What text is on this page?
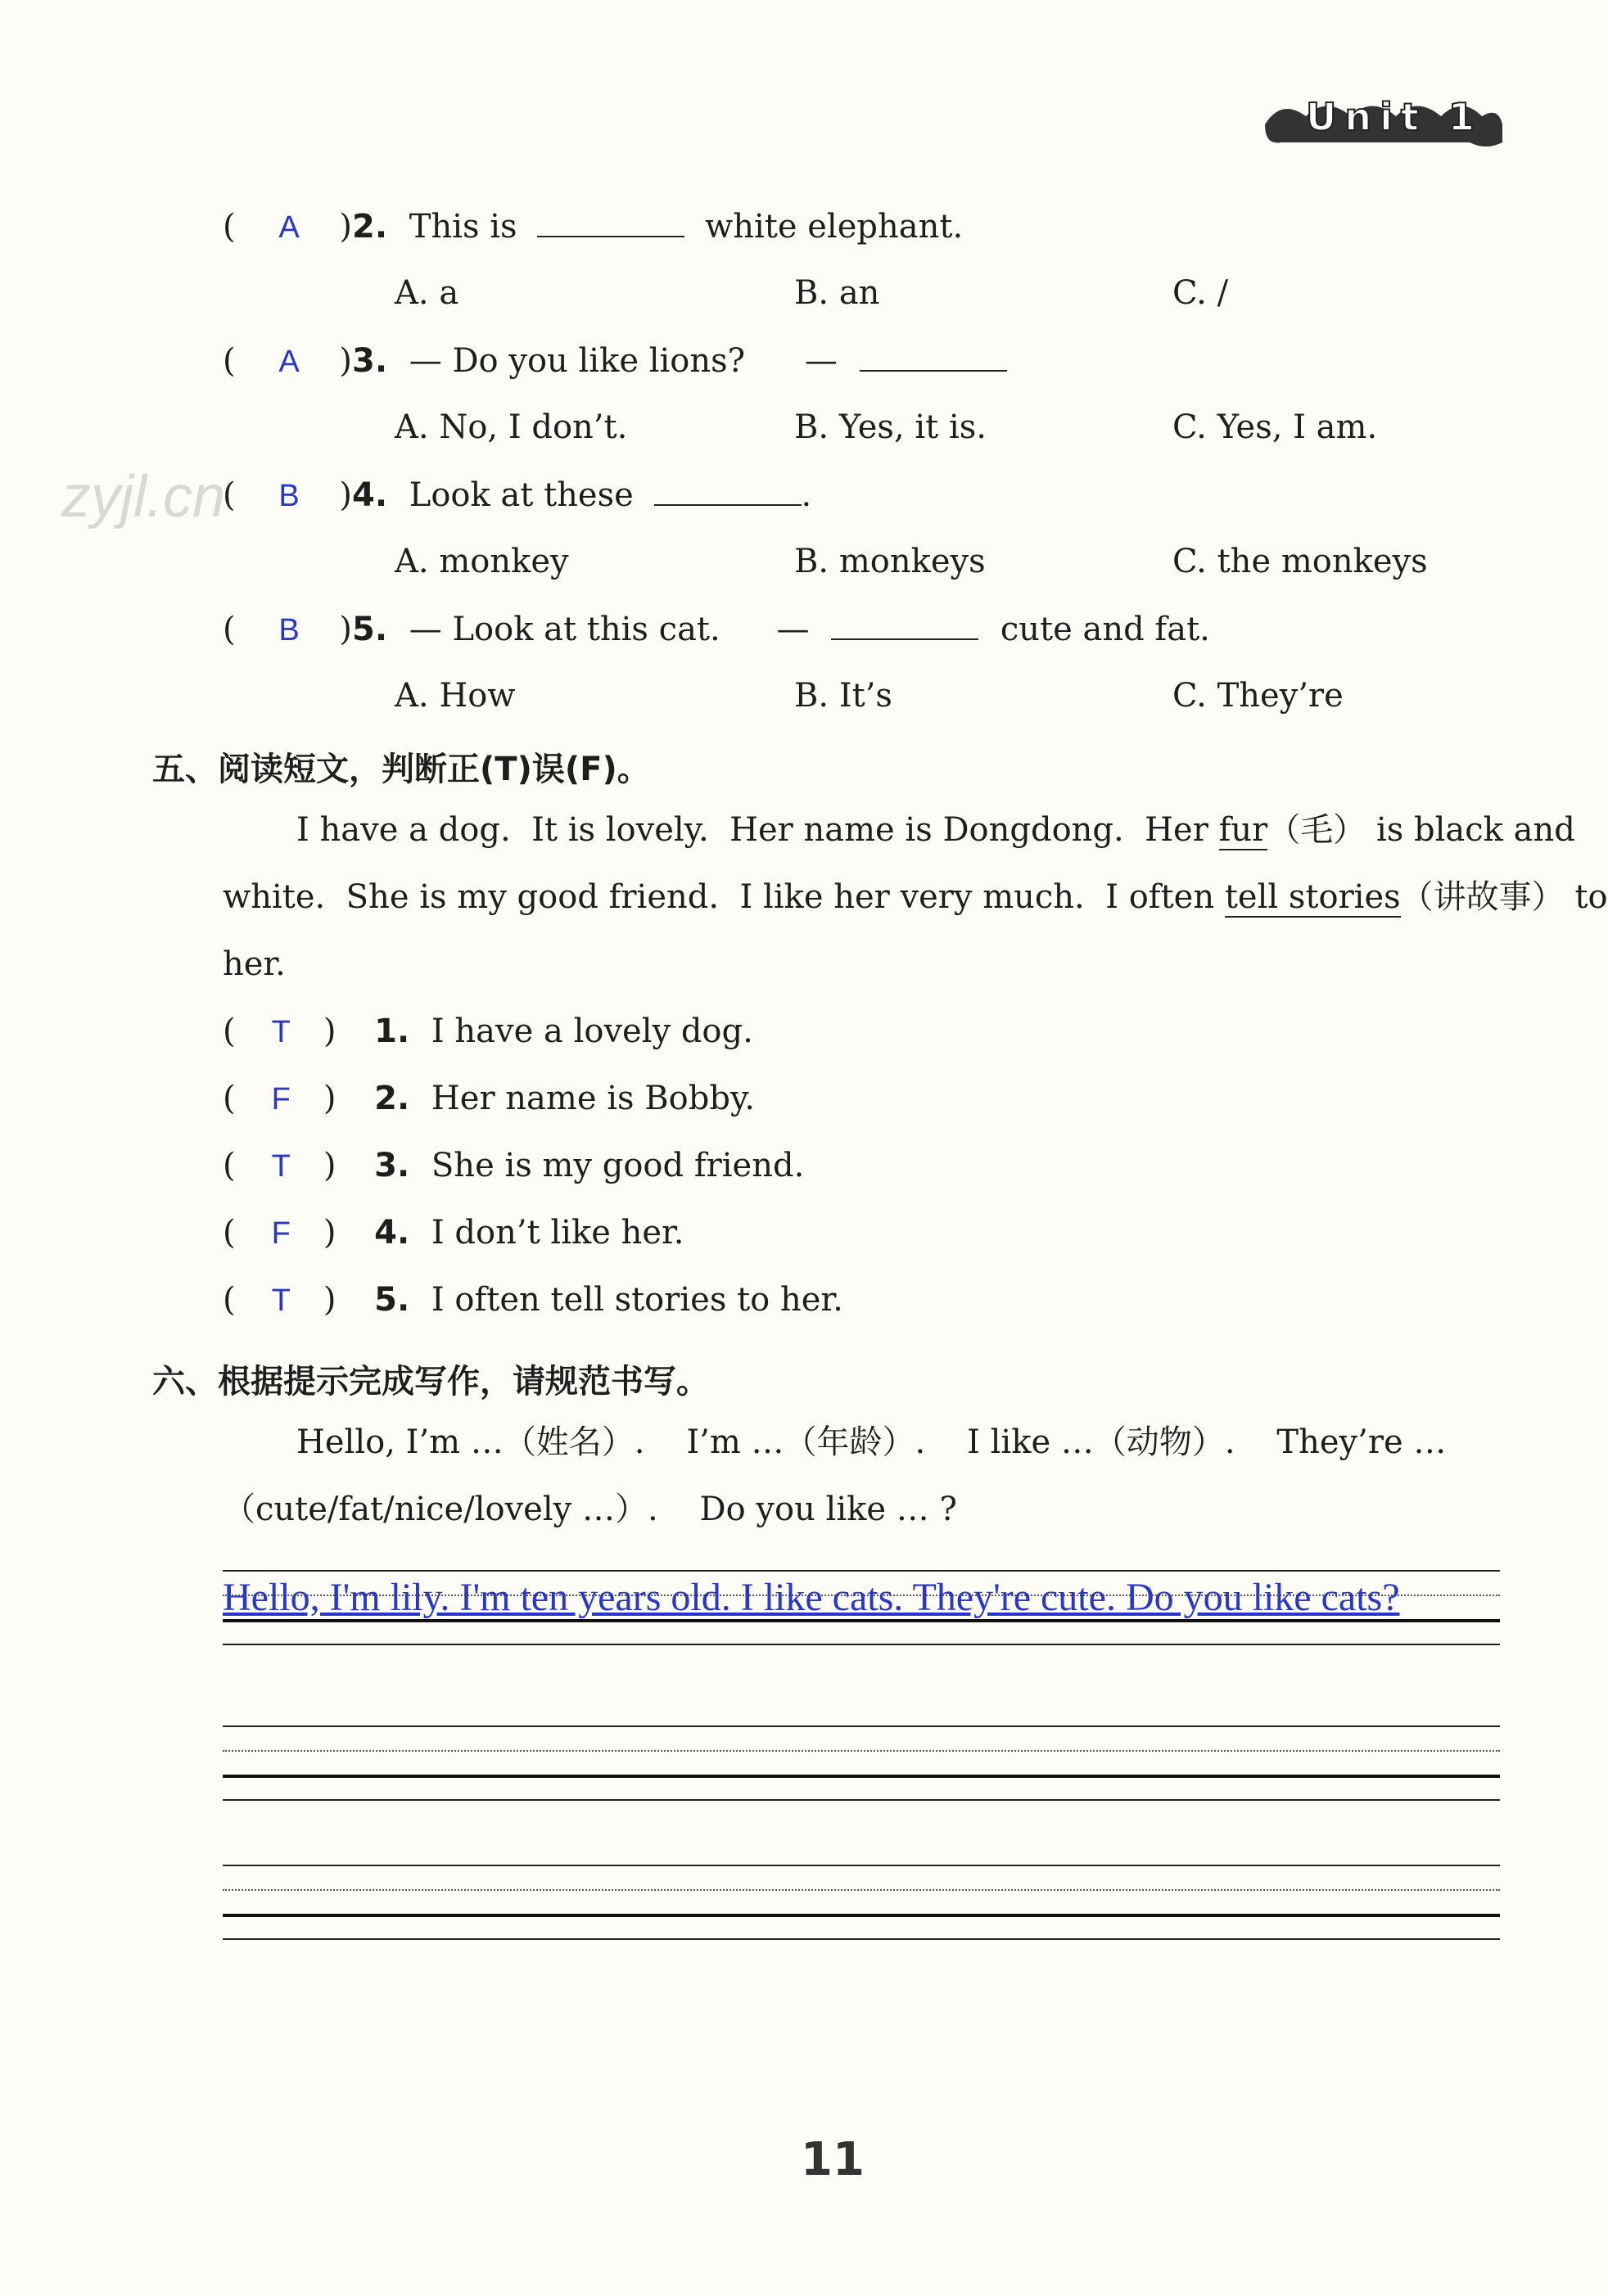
Unit 1
zyjl.cn
( A )2. This is	white elephant.
A. a	B. an	C. /
( A )3. — Do you like lions? —
A. No, I don’t.	B. Yes, it is.	C. Yes, I am.
( B )4. Look at these	.
A. monkey	B. monkeys	C. the monkeys
( B )5. — Look at this cat. —	cute and fat.
A. How	B. It’s	C. They’re
五、阅读短文，判断正(T)误(F)。
I have a dog.  It is lovely.  Her name is Dongdong.  Her fur（毛） is black and
white.  She is my good friend.  I like her very much.  I often tell stories（讲故事） to
her.
( T ) 1. I have a lovely dog.
( F ) 2. Her name is Bobby.
( T ) 3. She is my good friend.
( F ) 4. I don’t like her.
( T ) 5. I often tell stories to her.
六、根据提示完成写作，请规范书写。
Hello, I’m …（姓名）.    I’m …（年龄）.    I like …（动物）.    They’re …
（cute/fat/nice/lovely …）.    Do you like … ?
Hello, I'm lily. I'm ten years old. I like cats. They're cute. Do you like cats?
11
